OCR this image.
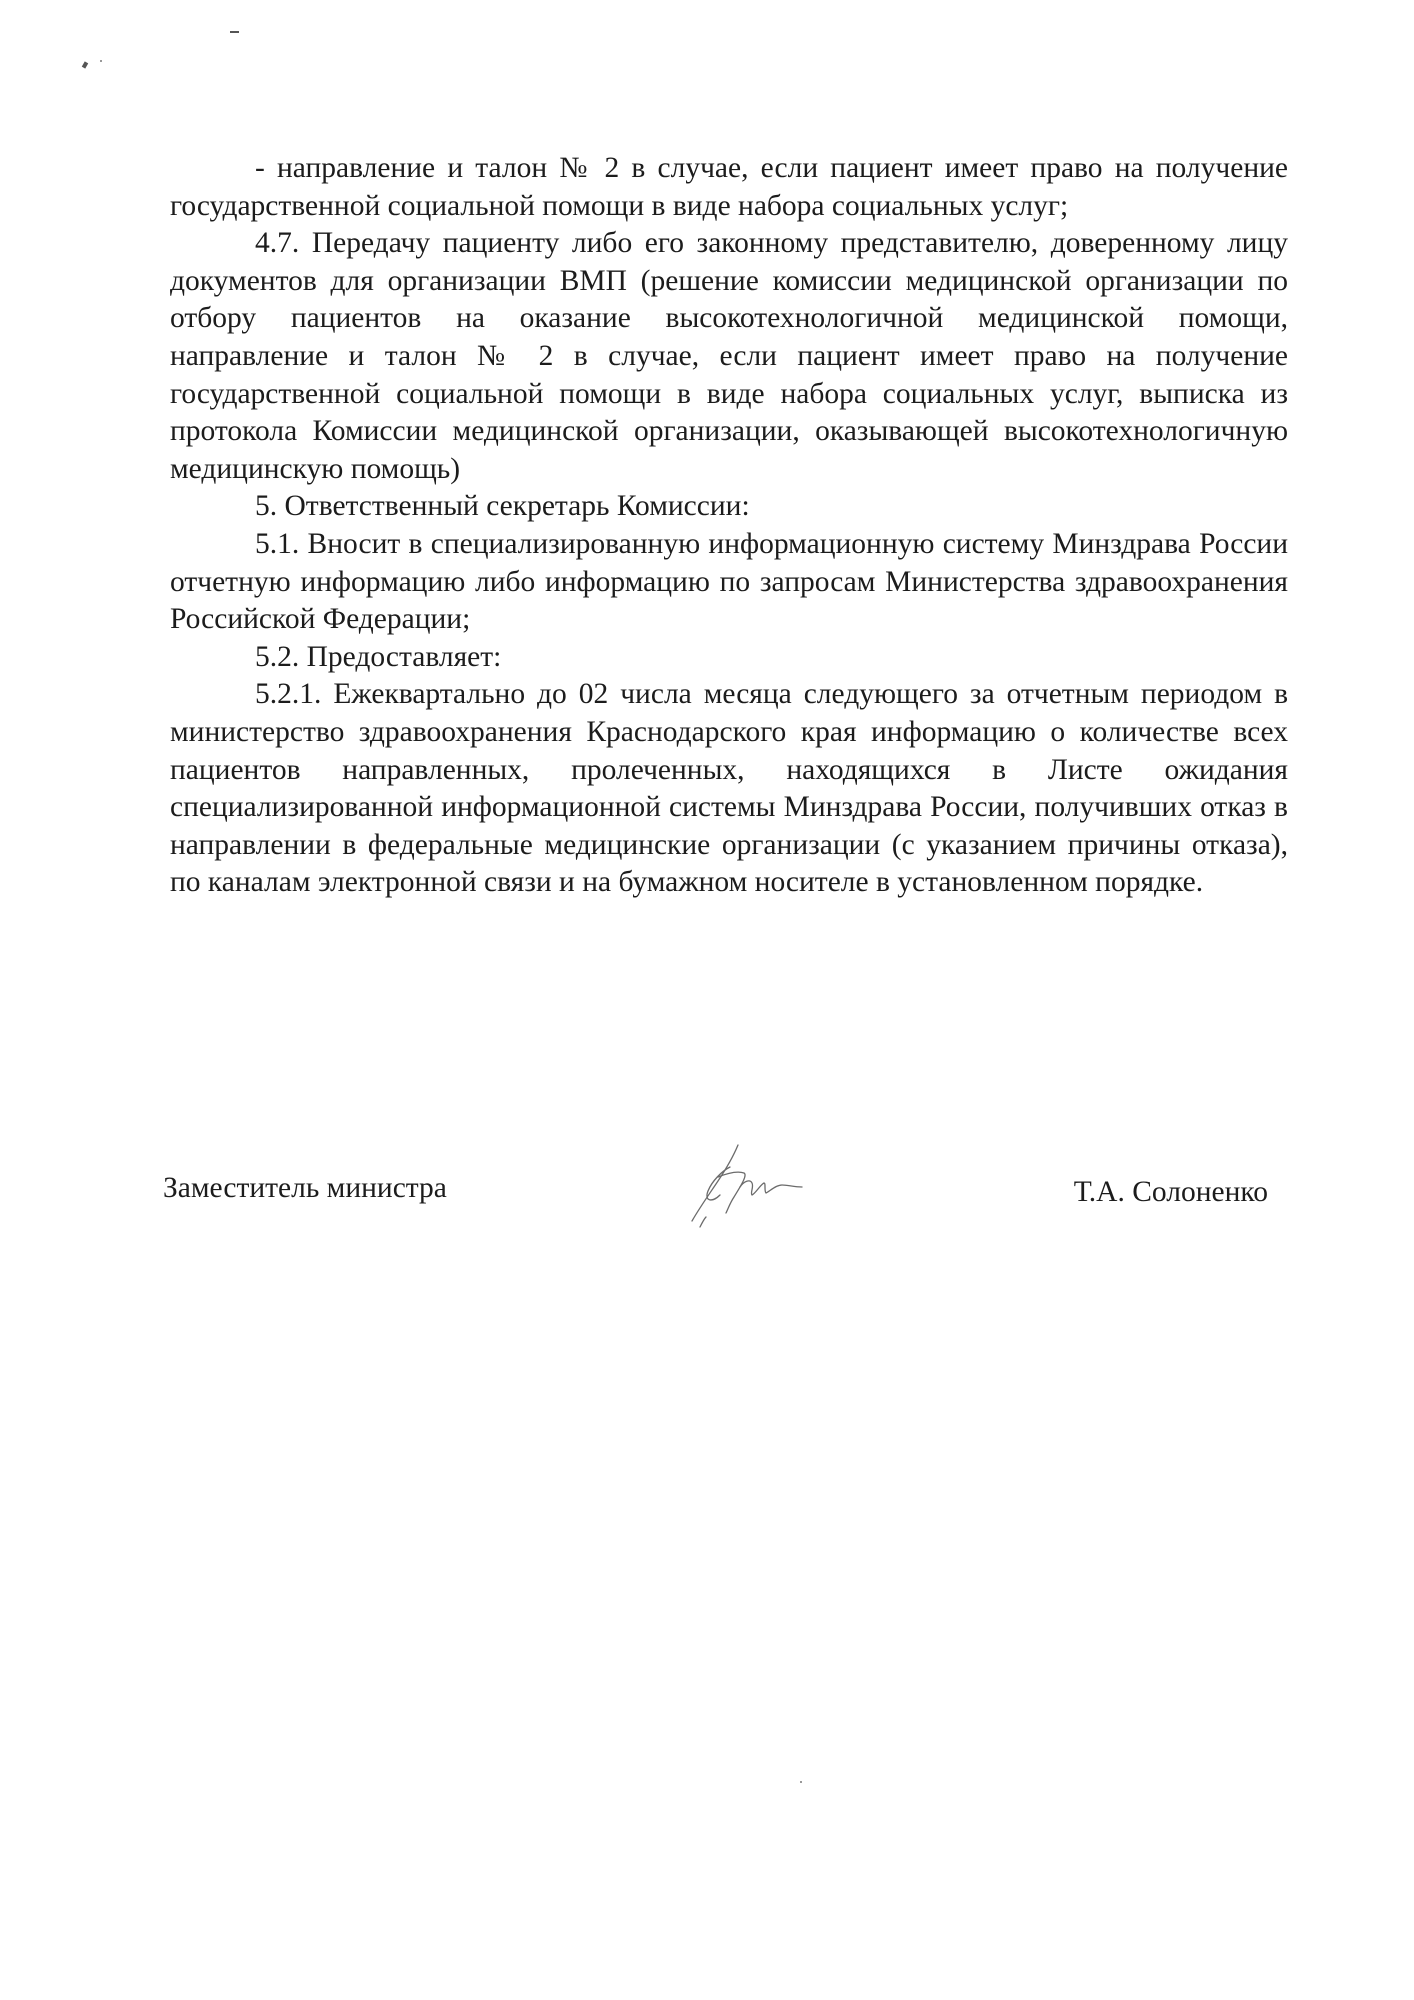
- направление и талон № 2 в случае, если пациент имеет право на получение государственной социальной помощи в виде набора социальных услуг;

4.7. Передачу пациенту либо его законному представителю, доверенному лицу документов для организации ВМП (решение комиссии медицинской организации по отбору пациентов на оказание высокотехнологичной медицинской помощи, направление и талон № 2 в случае, если пациент имеет право на получение государственной социальной помощи в виде набора социальных услуг, выписка из протокола Комиссии медицинской организации, оказывающей высокотехнологичную медицинскую помощь)

5. Ответственный секретарь Комиссии:

5.1. Вносит в специализированную информационную систему Минздрава России отчетную информацию либо информацию по запросам Министерства здравоохранения Российской Федерации;

5.2. Предоставляет:

5.2.1. Ежеквартально до 02 числа месяца следующего за отчетным периодом в министерство здравоохранения Краснодарского края информацию о количестве всех пациентов направленных, пролеченных, находящихся в Листе ожидания специализированной информационной системы Минздрава России, получивших отказ в направлении в федеральные медицинские организации (с указанием причины отказа), по каналам электронной связи и на бумажном носителе в установленном порядке.

Заместитель министра	Т.А. Солоненко
